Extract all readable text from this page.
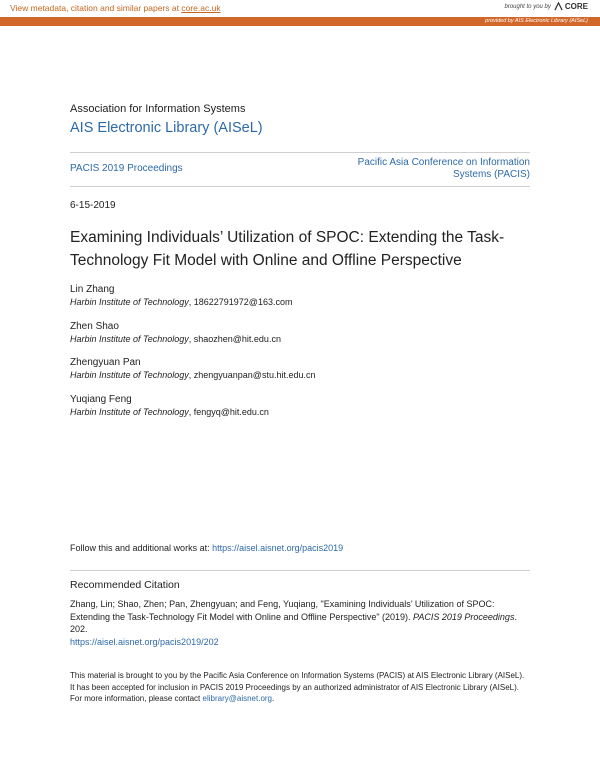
View metadata, citation and similar papers at core.ac.uk	brought to you by CORE
provided by AIS Electronic Library (AISeL)
Association for Information Systems
AIS Electronic Library (AISeL)
PACIS 2019 Proceedings
Pacific Asia Conference on Information Systems (PACIS)
6-15-2019
Examining Individuals’ Utilization of SPOC: Extending the Task-Technology Fit Model with Online and Offline Perspective
Lin Zhang
Harbin Institute of Technology, 18622791972@163.com
Zhen Shao
Harbin Institute of Technology, shaozhen@hit.edu.cn
Zhengyuan Pan
Harbin Institute of Technology, zhengyuanpan@stu.hit.edu.cn
Yuqiang Feng
Harbin Institute of Technology, fengyq@hit.edu.cn
Follow this and additional works at: https://aisel.aisnet.org/pacis2019
Recommended Citation
Zhang, Lin; Shao, Zhen; Pan, Zhengyuan; and Feng, Yuqiang, "Examining Individuals’ Utilization of SPOC: Extending the Task-Technology Fit Model with Online and Offline Perspective" (2019). PACIS 2019 Proceedings. 202.
https://aisel.aisnet.org/pacis2019/202
This material is brought to you by the Pacific Asia Conference on Information Systems (PACIS) at AIS Electronic Library (AISeL). It has been accepted for inclusion in PACIS 2019 Proceedings by an authorized administrator of AIS Electronic Library (AISeL). For more information, please contact elibrary@aisnet.org.
